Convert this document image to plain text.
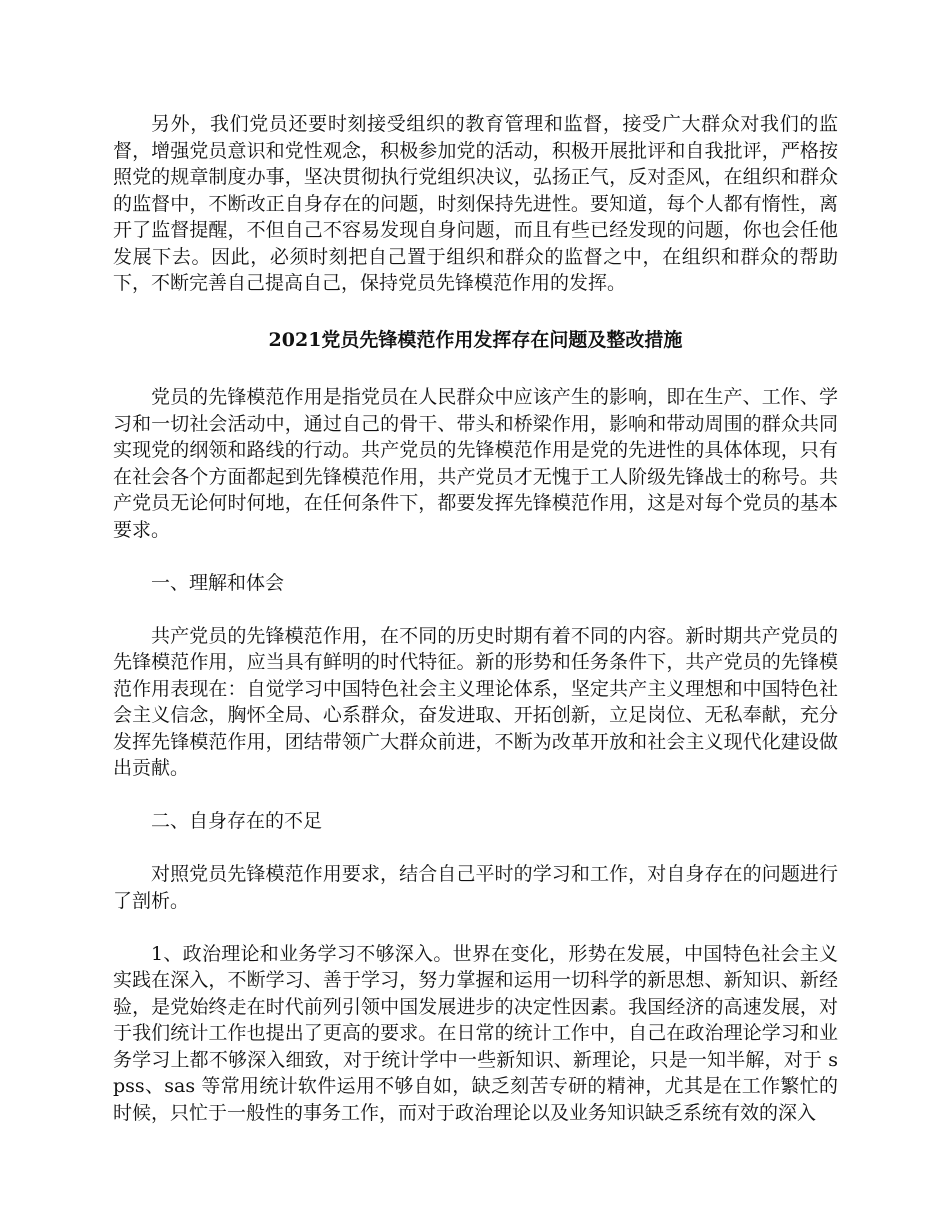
另外，我们党员还要时刻接受组织的教育管理和监督，接受广大群众对我们的监督，增强党员意识和党性观念，积极参加党的活动，积极开展批评和自我批评，严格按照党的规章制度办事，坚决贯彻执行党组织决议，弘扬正气，反对歪风，在组织和群众的监督中，不断改正自身存在的问题，时刻保持先进性。要知道，每个人都有惰性，离开了监督提醒，不但自己不容易发现自身问题，而且有些已经发现的问题，你也会任他发展下去。因此，必须时刻把自己置于组织和群众的监督之中，在组织和群众的帮助下，不断完善自己提高自己，保持党员先锋模范作用的发挥。

2021党员先锋模范作用发挥存在问题及整改措施

党员的先锋模范作用是指党员在人民群众中应该产生的影响，即在生产、工作、学习和一切社会活动中，通过自己的骨干、带头和桥梁作用，影响和带动周围的群众共同实现党的纲领和路线的行动。共产党员的先锋模范作用是党的先进性的具体体现，只有在社会各个方面都起到先锋模范作用，共产党员才无愧于工人阶级先锋战士的称号。共产党员无论何时何地，在任何条件下，都要发挥先锋模范作用，这是对每个党员的基本要求。

一、理解和体会

共产党员的先锋模范作用，在不同的历史时期有着不同的内容。新时期共产党员的先锋模范作用，应当具有鲜明的时代特征。新的形势和任务条件下，共产党员的先锋模范作用表现在：自觉学习中国特色社会主义理论体系，坚定共产主义理想和中国特色社会主义信念，胸怀全局、心系群众，奋发进取、开拓创新，立足岗位、无私奉献，充分发挥先锋模范作用，团结带领广大群众前进，不断为改革开放和社会主义现代化建设做出贡献。

二、自身存在的不足

对照党员先锋模范作用要求，结合自己平时的学习和工作，对自身存在的问题进行了剖析。

1、政治理论和业务学习不够深入。世界在变化，形势在发展，中国特色社会主义实践在深入，不断学习、善于学习，努力掌握和运用一切科学的新思想、新知识、新经验，是党始终走在时代前列引领中国发展进步的决定性因素。我国经济的高速发展，对于我们统计工作也提出了更高的要求。在日常的统计工作中，自己在政治理论学习和业务学习上都不够深入细致，对于统计学中一些新知识、新理论，只是一知半解，对于 spss、sas 等常用统计软件运用不够自如，缺乏刻苦专研的精神，尤其是在工作繁忙的时候，只忙于一般性的事务工作，而对于政治理论以及业务知识缺乏系统有效的深入
